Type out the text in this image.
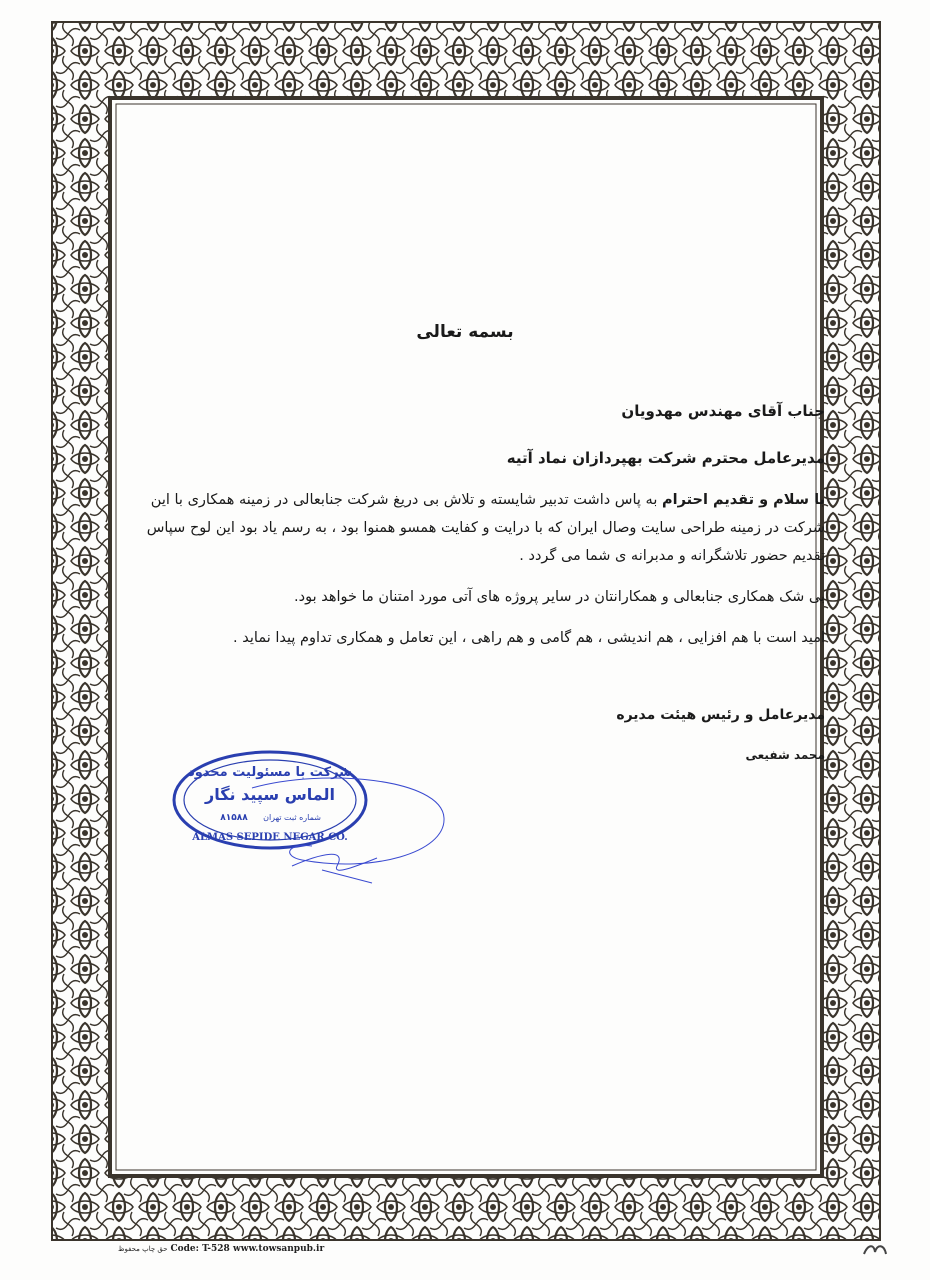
بسمه تعالی
جناب آقای مهندس مهدویان
مدیرعامل محترم شرکت بهپردازان نماد آتیه
با سلام و تقدیم احترام به پاس داشت تدبیر شایسته و تلاش بی دریغ شرکت جنابعالی در زمینه همکاری با این شرکت در زمینه طراحی سایت وصال ایران که با درایت و کفایت همسو همنوا بود ، به رسم یاد بود این لوح سپاس تقدیم حضور تلاشگرانه و مدبرانه ی شما می گردد .
بی شک همکاری جنابعالی و همکارانتان در سایر پروژه های آتی مورد امتنان ما خواهد بود.
امید است با هم افزایی ، هم اندیشی ، هم گامی و هم راهی ، این تعامل و همکاری تداوم پیدا نماید .
مدیرعامل و رئیس هیئت مدیره
محمد شفیعی
شرکت با مسئولیت محدود
الماس سپید نگار
شماره ثبت تهران
۸۱۵۸۸
ALMAS SEPIDE NEGAR CO.
حق چاپ محفوظ Code: T-528 www.towsanpub.ir
